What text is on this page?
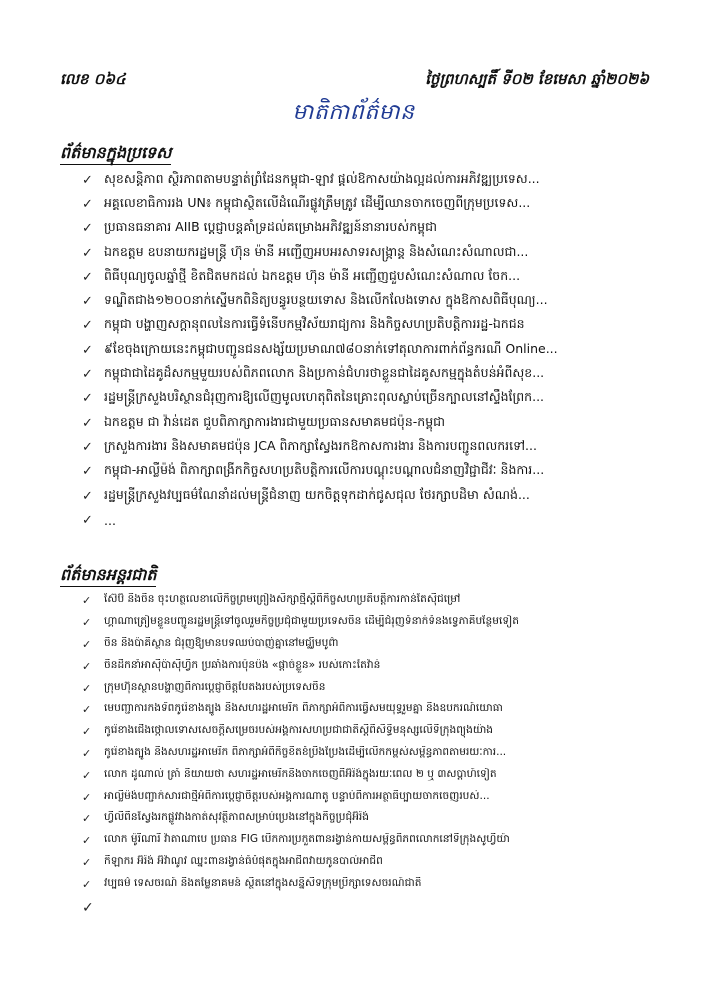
លេខ ០៦៤	ថ្ងៃព្រហស្បតិ៍ ទី០២ ខែមេសា ឆ្នាំ២០២៦
មាតិកាព័ត៌មាន
ព័ត៌មានក្នុងប្រទេស
✓ សុខសន្តិភាព ស្ថិរភាពតាមបន្ទាត់ព្រំដែនកម្ពុជា-ឡាវ ផ្តល់ឱកាសយ៉ាងល្អដល់ការអភិវឌ្ឍប្រទេស...
✓ អគ្គលេខាធិការរង UN៖ កម្ពុជាស្ថិតលើដំណើរផ្លូវត្រឹមត្រូវ ដើម្បីឈានចាកចេញពីក្រុមប្រទេស...
✓ ប្រធានធនាគារ AIIB ប្តេជ្ញាបន្តគាំទ្រដល់គម្រោងអភិវឌ្ឍន៍នានារបស់កម្ពុជា
✓ ឯកឧត្តម ឧបនាយករដ្ឋមន្ត្រី ហ៊ុន ម៉ានី អញ្ជើញអបអរសាទរសង្ក្រាន្ត និងសំណេះសំណាលជា...
✓ ពិធីបុណ្យចូលឆ្នាំថ្មី ខិតជិតមកដល់ ឯកឧត្តម ហ៊ុន ម៉ានី អញ្ជើញជួបសំណេះសំណាល ចែក...
✓ ទណ្ឌិតជាង១២០០នាក់ស្នើមកពិនិត្យបន្ធូរបន្ថយទោស និងលើកលែងទោស ក្នុងឱកាសពិធីបុណ្យ...
✓ កម្ពុជា បង្ហាញសក្តានុពលនៃការធ្វើទំនើបកម្មវិស័យរាជ្យការ និងកិច្ចសហប្រតិបត្តិការរដ្ឋ-ឯកជន
✓ ៩ខែចុងក្រោយនេះកម្ពុជាបញ្ជូនជនសង្ស័យប្រមាណ៧៨០នាក់ទៅតុលាការពាក់ព័ន្ធករណី Online...
✓ កម្ពុជាជាដៃគូដ៏សកម្មមួយរបស់ពិភពលោក និងប្រកាន់ជំហរថាខ្លួនជាដៃគូសកម្មក្នុងតំបន់អំពីសុខ...
✓ រដ្ឋមន្ត្រីក្រសួងបរិស្ថានជំរុញការឱ្យលើញមូលហេតុពិតនៃគ្រោះពុលស្លាប់ច្រើនក្បាលនៅស្ទឹងព្រែក...
✓ ឯកឧត្តម ជា វ៉ាន់ដេត ជួបពិភាក្សាការងារជាមួយប្រធានសមាគមជប៉ុន-កម្ពុជា
✓ ក្រសួងការងារ និងសមាគមជប៉ុន JCA ពិភាក្សាស្វែងរកឱកាសការងារ និងការបញ្ជូនពលករទៅ...
✓ កម្ពុជា-អាល្លឺម៉ង់ ពិភាក្សាពង្រីកកិច្ចសហប្រតិបត្តិការលើការបណ្តុះបណ្តាលជំនាញវិជ្ជាជីវៈ និងការ...
✓ រដ្ឋមន្ត្រីក្រសួងវប្បធម៌ណែនាំដល់មន្ត្រីជំនាញ យកចិត្តទុកដាក់ជូសជុល ថែរក្សាបដិមា សំណង់...
✓ ...
ព័ត៌មានអន្តរជាតិ
✓	ស៊ែប៊ី និងចិន ចុះហត្ថលេខាលើកិច្ចព្រមព្រៀងសិក្សាថ្មីស្តីពីកិច្ចសហប្រតិបត្តិការកាន់តែស៊ីជម្រៅ
✓	ហ្គាណាត្រៀមខ្លួនបញ្ជូនរដ្ឋមន្ត្រីទៅចូលរួមកិច្ចប្រជុំជាមួយប្រទេសចិន ដើម្បីជំរុញទំនាក់ទំនងទ្វេភាគីបន្ថែមទៀត
✓	ចិន និងប៉ាគីស្ថាន ជំរុញឱ្យមានបទឈប់បាញ់គ្នានៅមជ្ឈិមបូព៌ា
✓	ចិនដឹកនាំអាស៊ីប៉ាស៊ីហ្វិក ប្រឆាំងការប៉ុនប៉ង «ផ្តាច់ខ្លួន» របស់កោះតៃវ៉ាន់
✓	ក្រុមហ៊ុនស្ថានបង្ហាញពីការប្តេជ្ញាចិត្តបៃតងរបស់ប្រទេសចិន
✓	មេបញ្ជាការកងទ័ពកូរ៉េខាងត្បូង និងសហរដ្ឋអាមេរិក ពិភាក្សាអំពីការធ្វើសមយុទ្ធរួមគ្នា និងឧបករណ៍យោធា
✓	កូរ៉េខាងជើងថ្កោលទោសសេចក្តីសម្រេចរបស់អង្គការសហប្រជាជាតិស្តីពីសិទ្ធិមនុស្សលើទីក្រុងព្យុងយ៉ាង
✓	កូរ៉េខាងត្បូង និងសហរដ្ឋអាមេរិក ពិភាក្សាអំពីកិច្ចខិតខំប្រឹងប្រែងដើម្បីលើកកម្ពស់សម្ព័ន្ធភាពតាមរយៈការ...
✓	លោក ដូណាល់ ត្រាំ និយាយថា សហរដ្ឋអាមេរិកនឹងចាកចេញពីអ៊ីរ៉ង់ក្នុងរយៈពេល ២ ឬ ៣សប្តាហ៍ទៀត
✓	អាល្លឺម៉ង់បញ្ជាក់សារជាថ្មីអំពីការប្តេជ្ញាចិត្តរបស់អង្គការណាតូ បន្ទាប់ពីការអត្ថាធិប្បាយចាកចេញរបស់...
✓	ហ្វីលីពីនស្វែងរកផ្លូវវាងកាត់សុវត្ថិភាពសម្រាប់ប្រេងនៅក្នុងកិច្ចប្រជុំអ៊ីរ៉ង់
✓	លោក ម៉ូរីណារី វ៉ាតាណាបេ ប្រធាន FIG បើកការប្រកួតពានរង្វាន់កាយសម្ព័ន្ធពិភពលោកនៅទីក្រុងសូហ្វីយ៉ា
✓	កីឡាករ អ៊ីរ៉ង់ អ៊ីវ៉ាណូវ ឈ្នះពានរង្វាន់ធំបំផុតក្នុងអាជីពវាយកូនបាល់អាជីព
✓	វប្បធម៌ ទេសចរណ៍ និងតម្លៃនាគមន៍ ស្ថិតនៅក្នុងសន្និសីទក្រុមប្រឹក្សាទេសចរណ៍ជាតិ
✓
